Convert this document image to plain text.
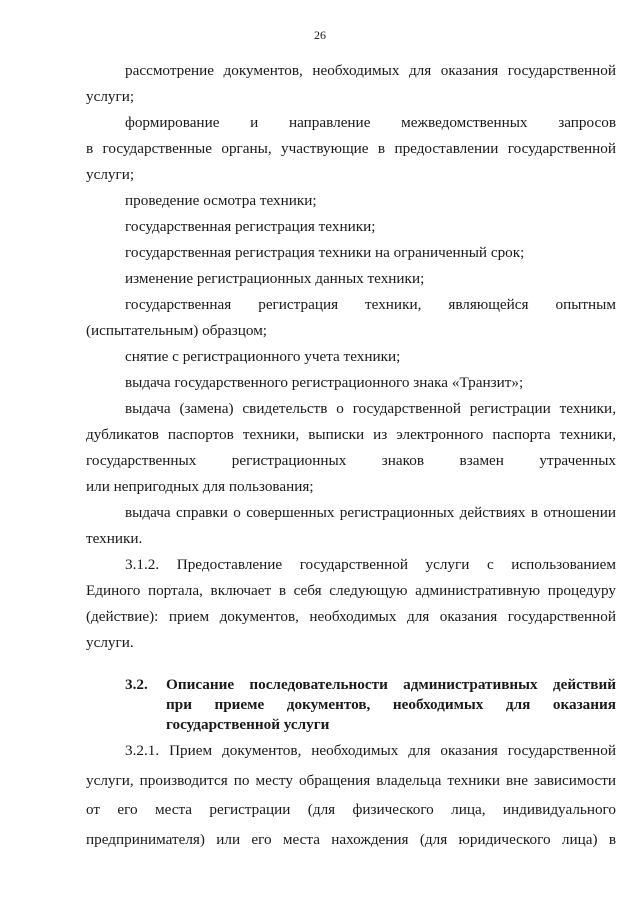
26
рассмотрение документов, необходимых для оказания государственной
услуги;
формирование и направление межведомственных запросов
в государственные органы, участвующие в предоставлении государственной
услуги;
проведение осмотра техники;
государственная регистрация техники;
государственная регистрация техники на ограниченный срок;
изменение регистрационных данных техники;
государственная регистрация техники, являющейся опытным
(испытательным) образцом;
снятие с регистрационного учета техники;
выдача государственного регистрационного знака «Транзит»;
выдача (замена) свидетельств о государственной регистрации техники,
дубликатов паспортов техники, выписки из электронного паспорта техники,
государственных регистрационных знаков взамен утраченных
или непригодных для пользования;
выдача справки о совершенных регистрационных действиях в отношении
техники.
3.1.2. Предоставление государственной услуги с использованием
Единого портала, включает в себя следующую административную процедуру
(действие): прием документов, необходимых для оказания государственной
услуги.
3.2.	Описание последовательности административных действий
при приеме документов, необходимых для оказания
государственной услуги
3.2.1. Прием документов, необходимых для оказания государственной
услуги, производится по месту обращения владельца техники вне зависимости
от его места регистрации (для физического лица, индивидуального
предпринимателя) или его места нахождения (для юридического лица) в
